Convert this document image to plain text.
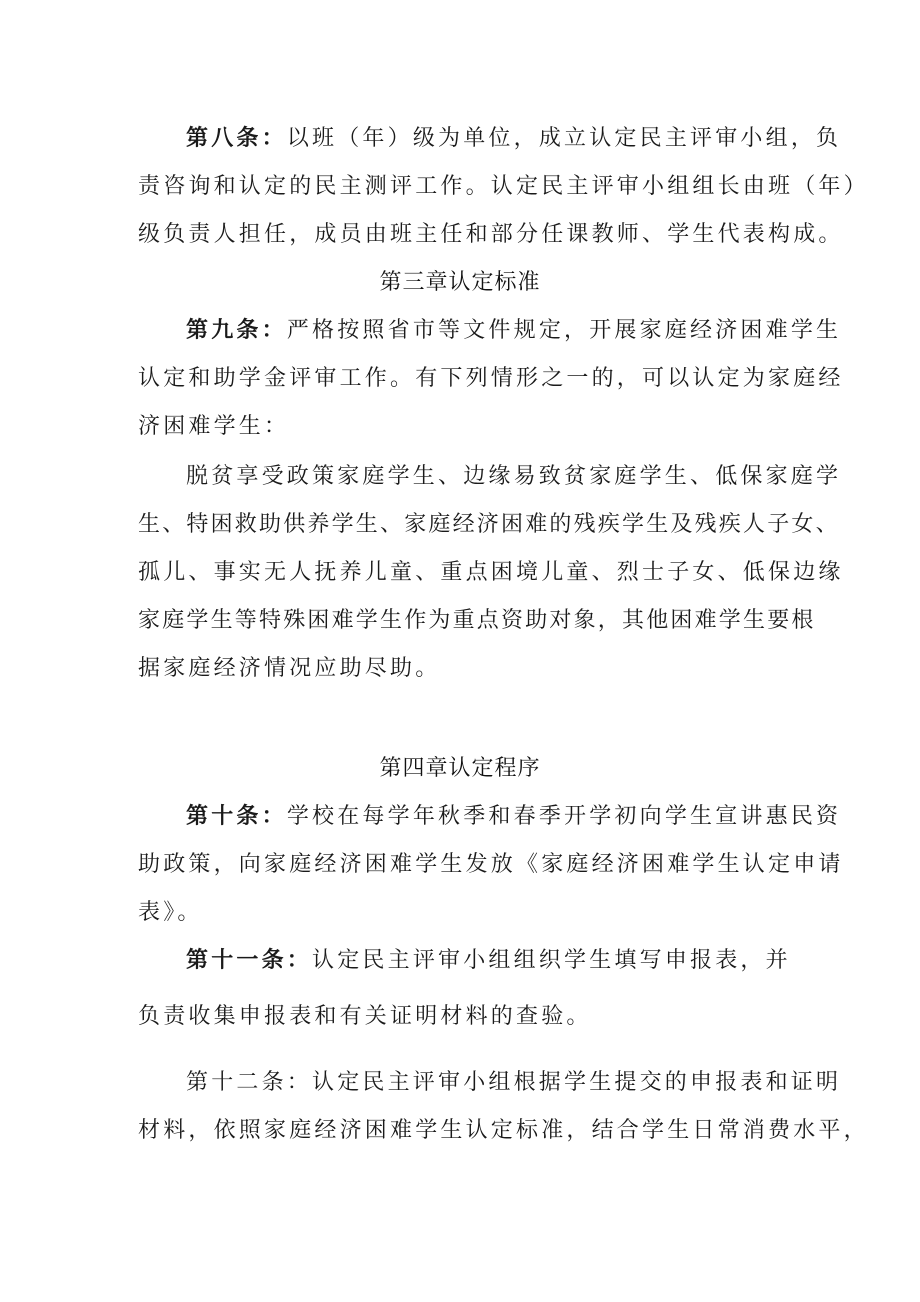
第八条：以班（年）级为单位，成立认定民主评审小组，负
责咨询和认定的民主测评工作。认定民主评审小组组长由班（年）
级负责人担任，成员由班主任和部分任课教师、学生代表构成。
第三章认定标准
第九条：严格按照省市等文件规定，开展家庭经济困难学生
认定和助学金评审工作。有下列情形之一的，可以认定为家庭经
济困难学生：
脱贫享受政策家庭学生、边缘易致贫家庭学生、低保家庭学
生、特困救助供养学生、家庭经济困难的残疾学生及残疾人子女、
孤儿、事实无人抚养儿童、重点困境儿童、烈士子女、低保边缘
家庭学生等特殊困难学生作为重点资助对象，其他困难学生要根
据家庭经济情况应助尽助。
第四章认定程序
第十条：学校在每学年秋季和春季开学初向学生宣讲惠民资
助政策，向家庭经济困难学生发放《家庭经济困难学生认定申请
表》。
第十一条：认定民主评审小组组织学生填写申报表，并
负责收集申报表和有关证明材料的查验。
第十二条：认定民主评审小组根据学生提交的申报表和证明
材料，依照家庭经济困难学生认定标准，结合学生日常消费水平，
